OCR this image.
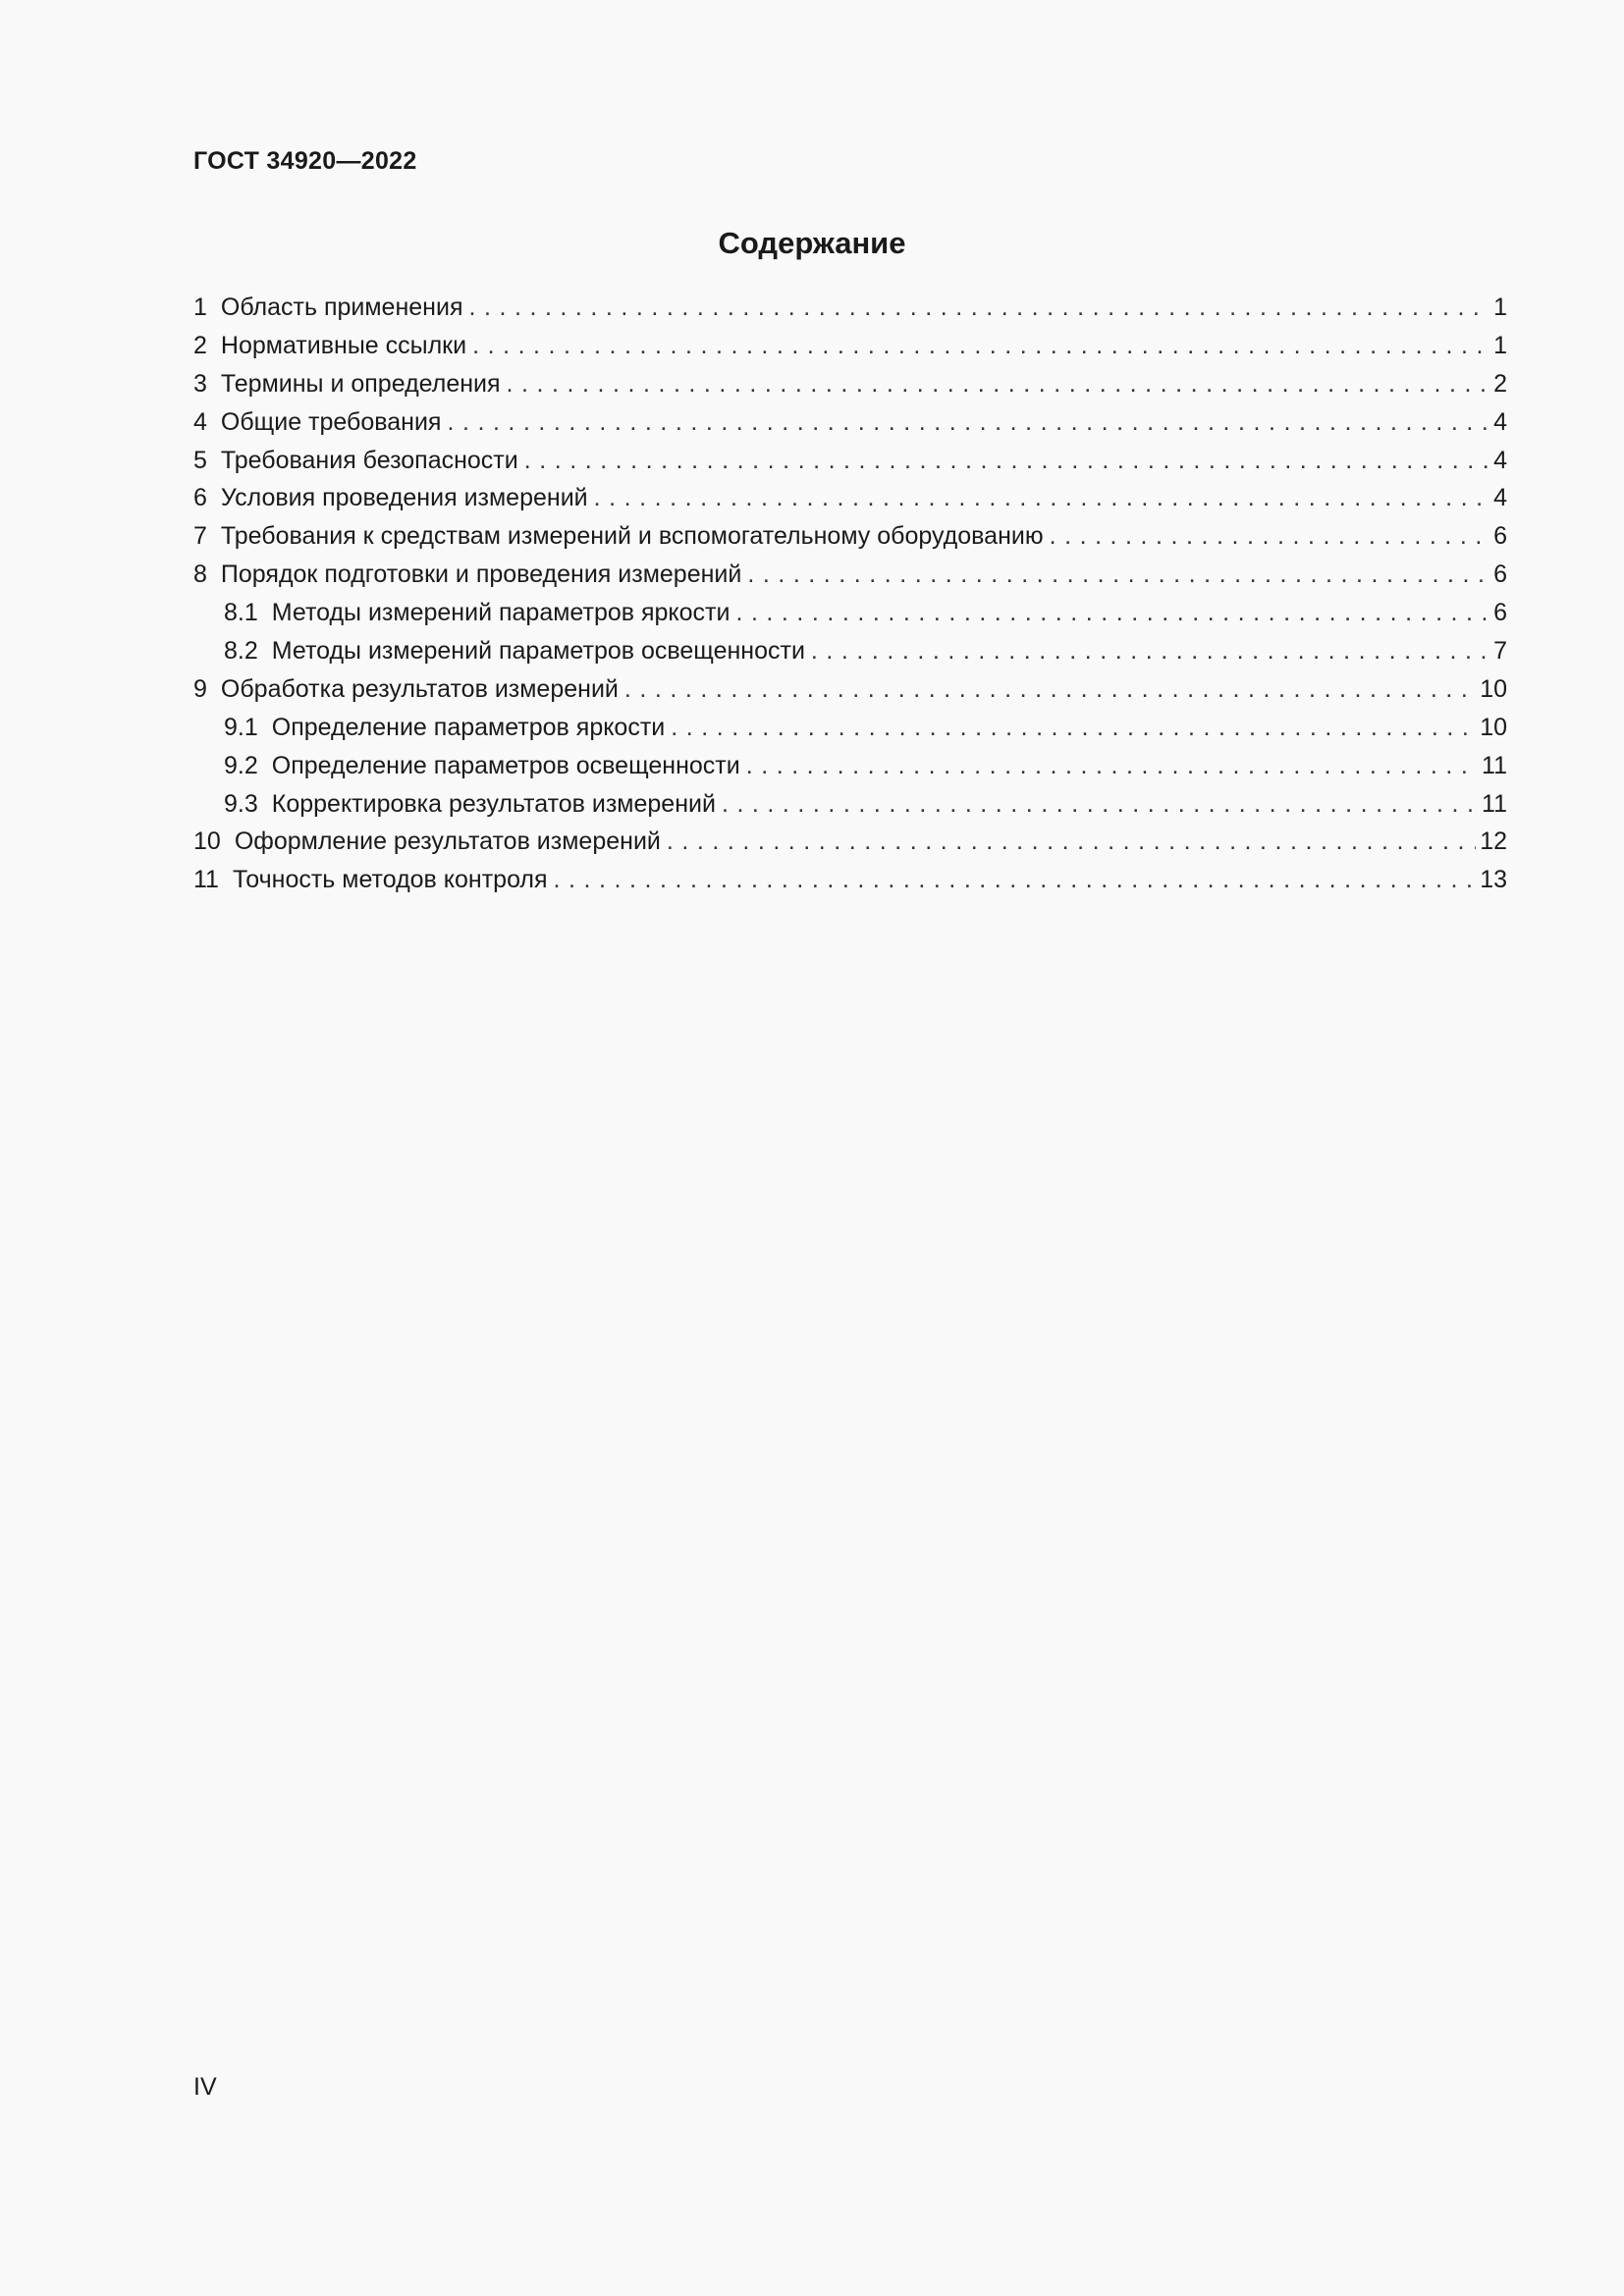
ГОСТ 34920—2022
Содержание
1 Область применения . . .	1
2 Нормативные ссылки . . .	1
3 Термины и определения . . .	2
4 Общие требования . . .	4
5 Требования безопасности . . .	4
6 Условия проведения измерений . . .	4
7 Требования к средствам измерений и вспомогательному оборудованию . . .	6
8 Порядок подготовки и проведения измерений . . .	6
8.1 Методы измерений параметров яркости . . .	6
8.2 Методы измерений параметров освещенности . . .	7
9 Обработка результатов измерений . . .	10
9.1 Определение параметров яркости . . .	10
9.2 Определение параметров освещенности . . .	11
9.3 Корректировка результатов измерений . . .	11
10 Оформление результатов измерений . . .	12
11 Точность методов контроля . . .	13
IV
